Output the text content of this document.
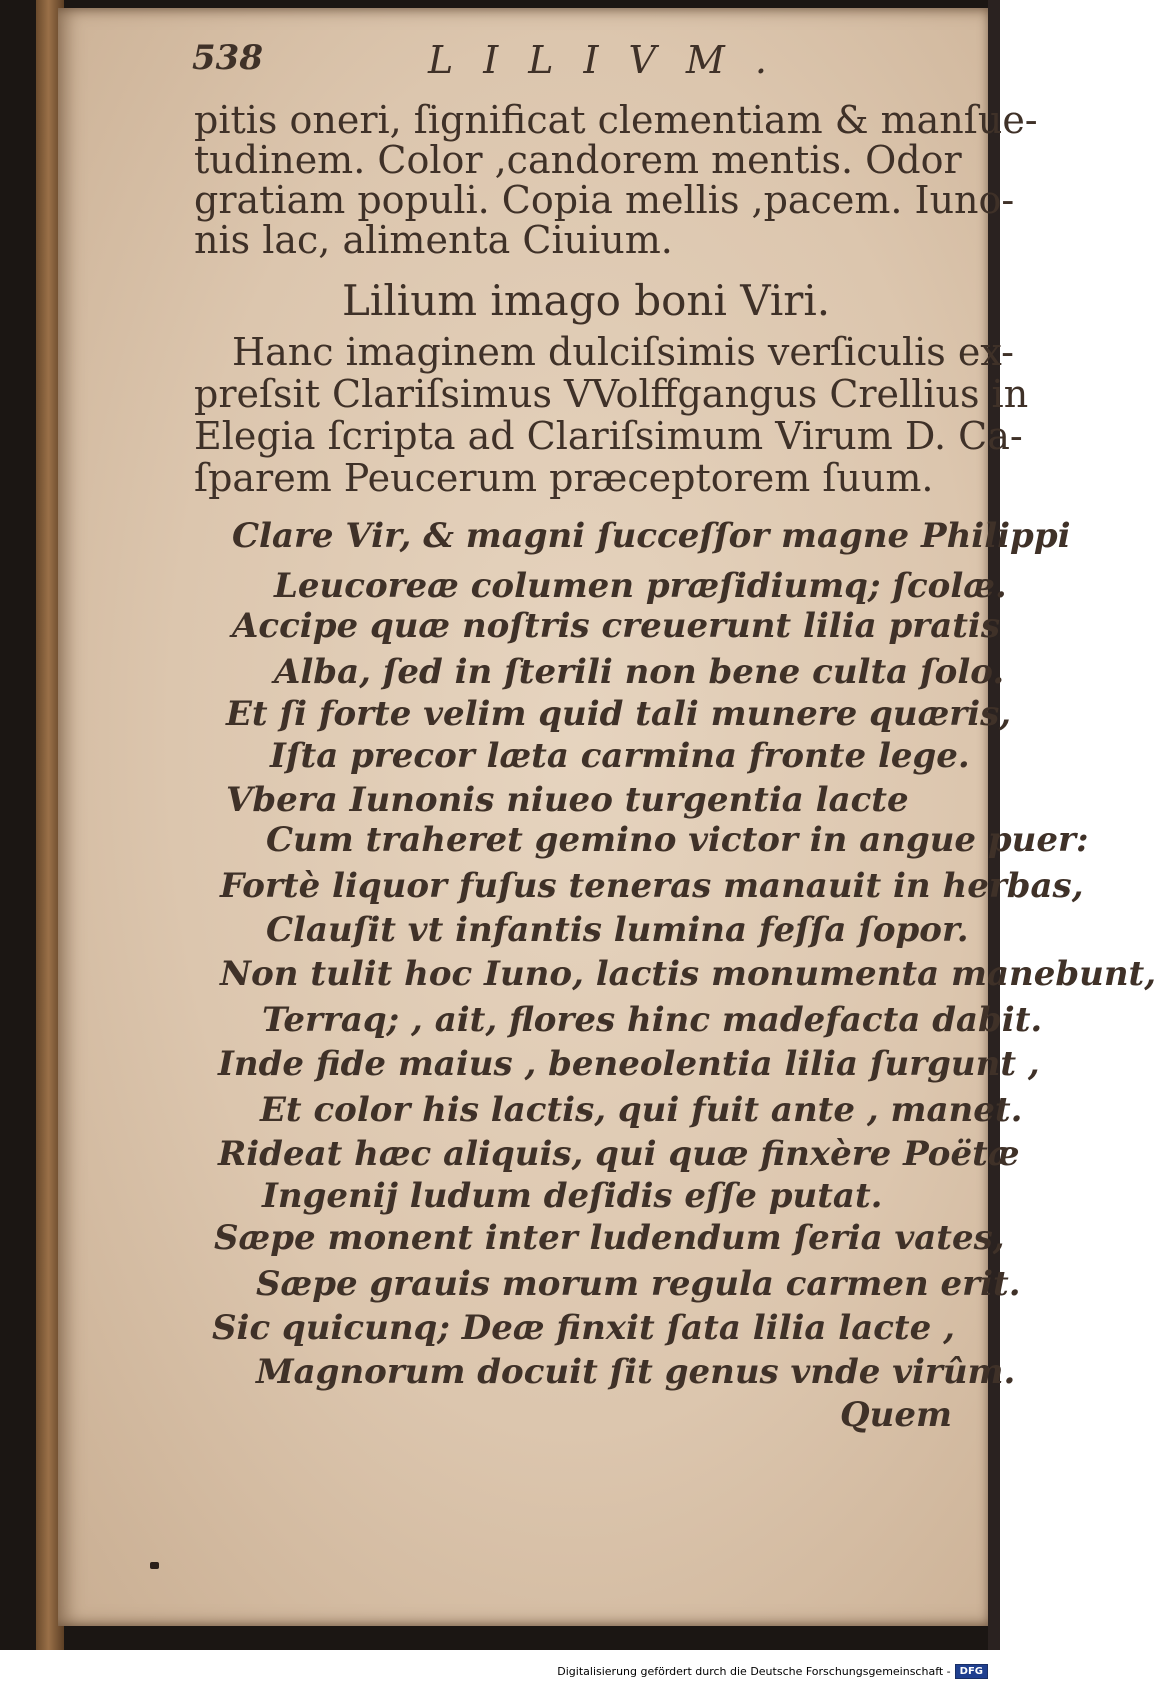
538	LILIVM.
pitis oneri, ſignificat clementiam & manſue-
tudinem. Color ,candorem mentis. Odor
gratiam populi. Copia mellis ,pacem. Iuno-
nis lac, alimenta Ciuium.
Lilium imago boni Viri.
Hanc imaginem dulciſsimis verſiculis ex-
preſsit Clariſsimus VVolffgangus Crellius in
Elegia ſcripta ad Clariſsimum Virum D. Ca-
ſparem Peucerum præceptorem ſuum.
Clare Vir, & magni ſucceſſor magne Philippi
Leucoreæ columen præſidiumq; ſcolæ.
Accipe quæ noſtris creuerunt lilia pratis
Alba, ſed in ſterili non bene culta ſolo.
Et ſi forte velim quid tali munere quæris,
Iſta precor læta carmina fronte lege.
Vbera Iunonis niueo turgentia lacte
Cum traheret gemino victor in angue puer:
Fortè liquor fuſus teneras manauit in herbas,
Clauſit vt infantis lumina feſſa ſopor.
Non tulit hoc Iuno, lactis monumenta manebunt,
Terraq; , ait, flores hinc madefacta dabit.
Inde fide maius , beneolentia lilia ſurgunt ,
Et color his lactis, qui fuit ante , manet.
Rideat hæc aliquis, qui quæ finxère Poëtæ
Ingenij ludum deſidis eſſe putat.
Sæpe monent inter ludendum ſeria vates,
Sæpe grauis morum regula carmen erit.
Sic quicunq; Deæ finxit ſata lilia lacte ,
Magnorum docuit ſit genus vnde virûm.
Quem
Digitalisierung gefördert durch die Deutsche Forschungsgemeinschaft - DFG
